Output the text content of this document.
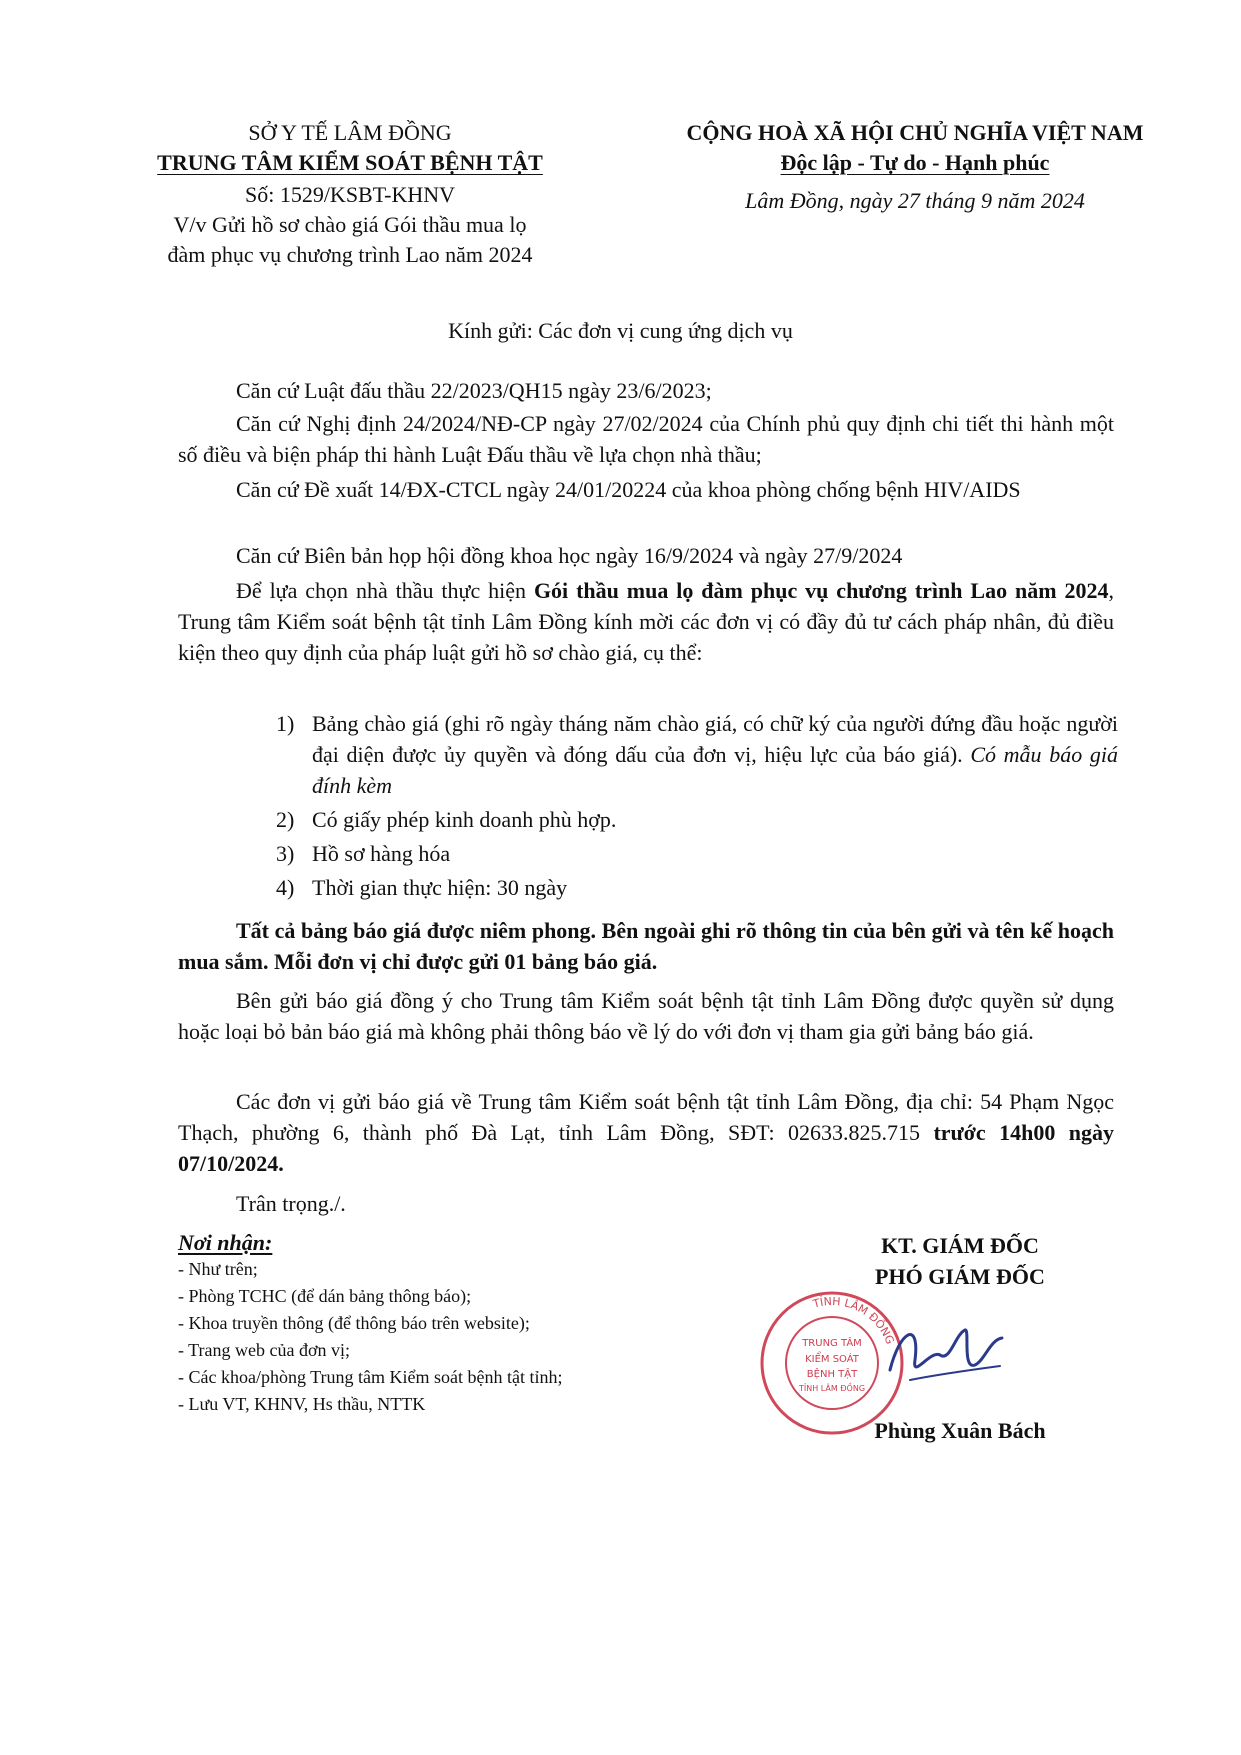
SỞ Y TẾ LÂM ĐỒNG
TRUNG TÂM KIỂM SOÁT BỆNH TẬT
Số: 1529/KSBT-KHNV
V/v Gửi hồ sơ chào giá Gói thầu mua lọ
đàm phục vụ chương trình Lao năm 2024
CỘNG HOÀ XÃ HỘI CHỦ NGHĨA VIỆT NAM
Độc lập - Tự do - Hạnh phúc
Lâm Đồng, ngày 27 tháng 9 năm 2024
Kính gửi: Các đơn vị cung ứng dịch vụ
Căn cứ Luật đấu thầu 22/2023/QH15 ngày 23/6/2023;
Căn cứ Nghị định 24/2024/NĐ-CP ngày 27/02/2024 của Chính phủ quy định chi tiết thi hành một số điều và biện pháp thi hành Luật Đấu thầu về lựa chọn nhà thầu;
Căn cứ Đề xuất 14/ĐX-CTCL ngày 24/01/20224 của khoa phòng chống bệnh HIV/AIDS
Căn cứ Biên bản họp hội đồng khoa học ngày 16/9/2024 và ngày 27/9/2024
Để lựa chọn nhà thầu thực hiện Gói thầu mua lọ đàm phục vụ chương trình Lao năm 2024, Trung tâm Kiểm soát bệnh tật tỉnh Lâm Đồng kính mời các đơn vị có đầy đủ tư cách pháp nhân, đủ điều kiện theo quy định của pháp luật gửi hồ sơ chào giá, cụ thể:
1) Bảng chào giá (ghi rõ ngày tháng năm chào giá, có chữ ký của người đứng đầu hoặc người đại diện được ủy quyền và đóng dấu của đơn vị, hiệu lực của báo giá). Có mẫu báo giá đính kèm
2) Có giấy phép kinh doanh phù hợp.
3) Hồ sơ hàng hóa
4) Thời gian thực hiện: 30 ngày
Tất cả bảng báo giá được niêm phong. Bên ngoài ghi rõ thông tin của bên gửi và tên kế hoạch mua sắm. Mỗi đơn vị chỉ được gửi 01 bảng báo giá.
Bên gửi báo giá đồng ý cho Trung tâm Kiểm soát bệnh tật tỉnh Lâm Đồng được quyền sử dụng hoặc loại bỏ bản báo giá mà không phải thông báo về lý do với đơn vị tham gia gửi bảng báo giá.
Các đơn vị gửi báo giá về Trung tâm Kiểm soát bệnh tật tỉnh Lâm Đồng, địa chỉ: 54 Phạm Ngọc Thạch, phường 6, thành phố Đà Lạt, tỉnh Lâm Đồng, SĐT: 02633.825.715 trước 14h00 ngày 07/10/2024.
Trân trọng./.
Nơi nhận:
- Như trên;
- Phòng TCHC (để dán bảng thông báo);
- Khoa truyền thông (để thông báo trên website);
- Trang web của đơn vị;
- Các khoa/phòng Trung tâm Kiểm soát bệnh tật tỉnh;
- Lưu VT, KHNV, Hs thầu, NTTK
KT. GIÁM ĐỐC
PHÓ GIÁM ĐỐC
Phùng Xuân Bách
TỈNH LÂM ĐỒNG
TRUNG TÂM
KIỂM SOÁT
BỆNH TẬT
TỈNH LÂM ĐỒNG
